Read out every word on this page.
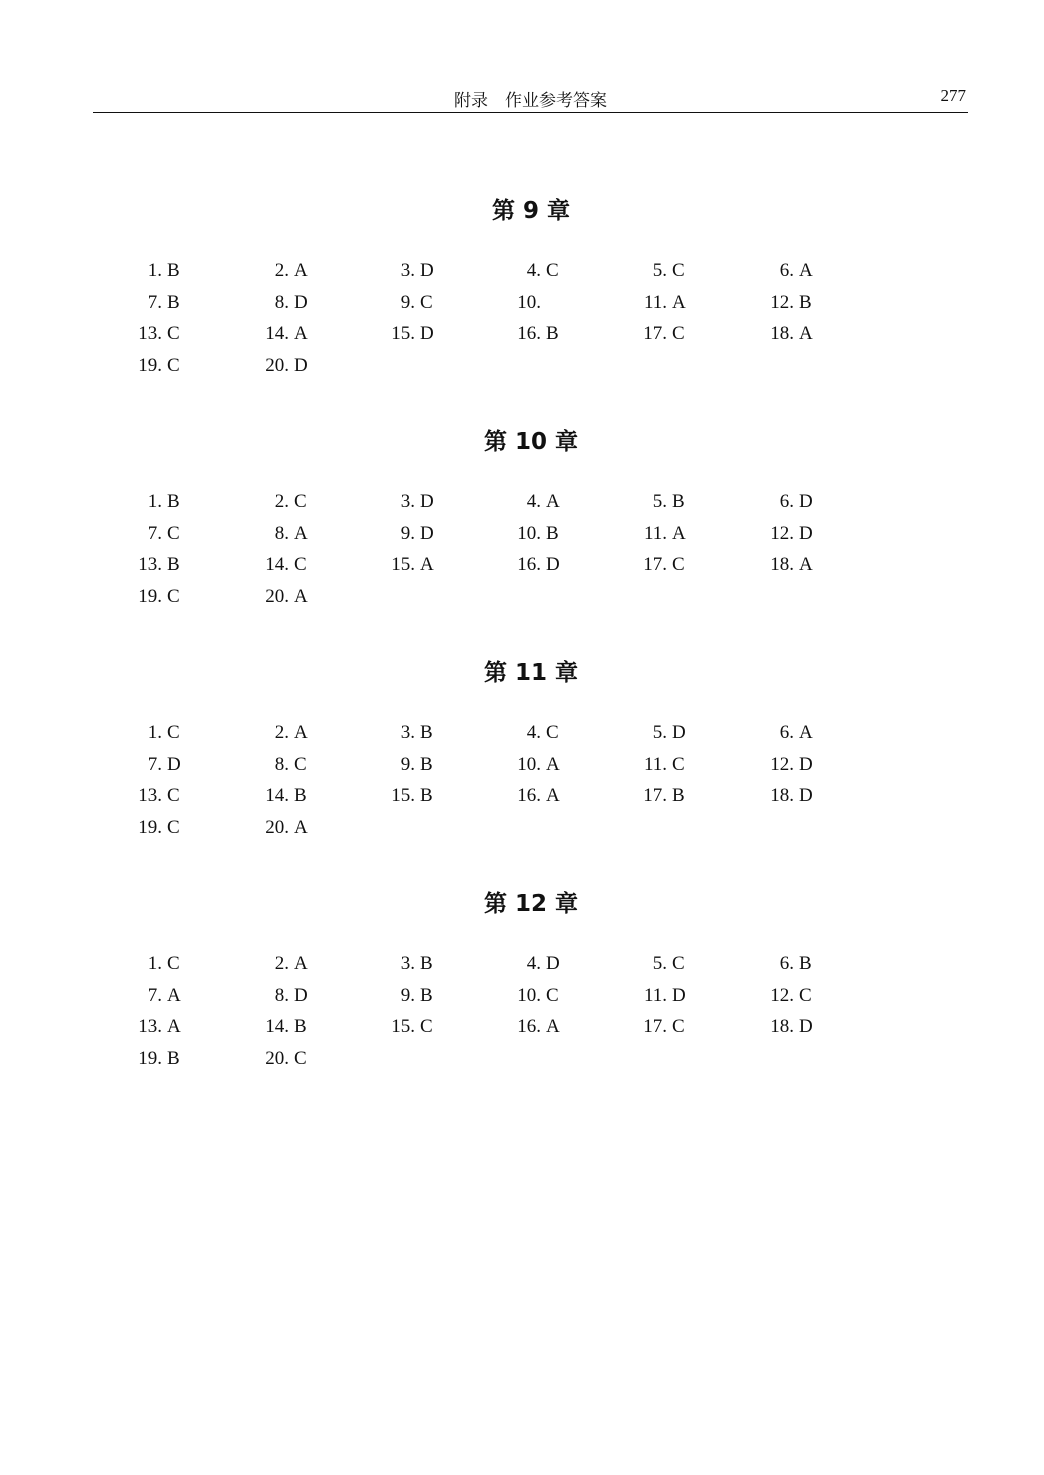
附录　作业参考答案	277
第 9 章
1. B	2. A	3. D	4. C	5. C	6. A
7. B	8. D	9. C	10.	11. A	12. B
13. C	14. A	15. D	16. B	17. C	18. A
19. C	20. D
第 10 章
1. B	2. C	3. D	4. A	5. B	6. D
7. C	8. A	9. D	10. B	11. A	12. D
13. B	14. C	15. A	16. D	17. C	18. A
19. C	20. A
第 11 章
1. C	2. A	3. B	4. C	5. D	6. A
7. D	8. C	9. B	10. A	11. C	12. D
13. C	14. B	15. B	16. A	17. B	18. D
19. C	20. A
第 12 章
1. C	2. A	3. B	4. D	5. C	6. B
7. A	8. D	9. B	10. C	11. D	12. C
13. A	14. B	15. C	16. A	17. C	18. D
19. B	20. C
